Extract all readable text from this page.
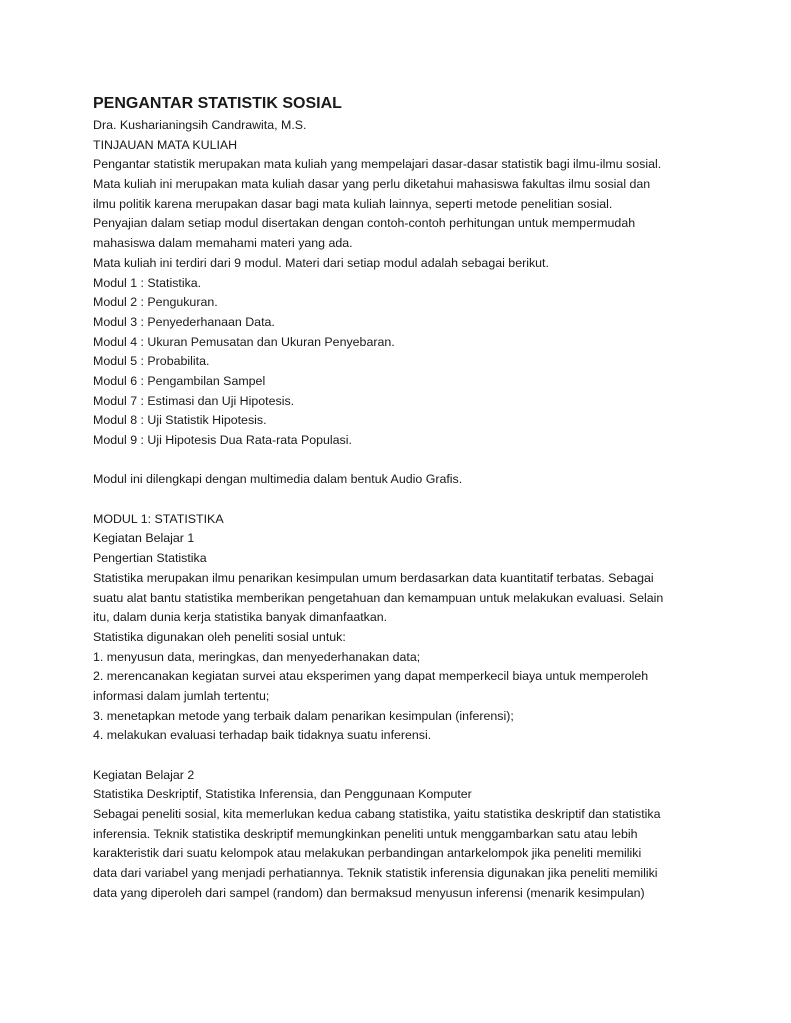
PENGANTAR STATISTIK SOSIAL
Dra. Kusharianingsih Candrawita, M.S.
TINJAUAN MATA KULIAH
Pengantar statistik merupakan mata kuliah yang mempelajari dasar-dasar statistik bagi ilmu-ilmu sosial.
Mata kuliah ini merupakan mata kuliah dasar yang perlu diketahui mahasiswa fakultas ilmu sosial dan
ilmu politik karena merupakan dasar bagi mata kuliah lainnya, seperti metode penelitian sosial.
Penyajian dalam setiap modul disertakan dengan contoh-contoh perhitungan untuk mempermudah
mahasiswa dalam memahami materi yang ada.
Mata kuliah ini terdiri dari 9 modul. Materi dari setiap modul adalah sebagai berikut.
Modul 1 : Statistika.
Modul 2 : Pengukuran.
Modul 3 : Penyederhanaan Data.
Modul 4 : Ukuran Pemusatan dan Ukuran Penyebaran.
Modul 5 : Probabilita.
Modul 6 : Pengambilan Sampel
Modul 7 : Estimasi dan Uji Hipotesis.
Modul 8 : Uji Statistik Hipotesis.
Modul 9 : Uji Hipotesis Dua Rata-rata Populasi.
Modul ini dilengkapi dengan multimedia dalam bentuk Audio Grafis.
MODUL 1: STATISTIKA
Kegiatan Belajar 1
Pengertian Statistika
Statistika merupakan ilmu penarikan kesimpulan umum berdasarkan data kuantitatif terbatas. Sebagai
suatu alat bantu statistika memberikan pengetahuan dan kemampuan untuk melakukan evaluasi. Selain
itu, dalam dunia kerja statistika banyak dimanfaatkan.
Statistika digunakan oleh peneliti sosial untuk:
1. menyusun data, meringkas, dan menyederhanakan data;
2. merencanakan kegiatan survei atau eksperimen yang dapat memperkecil biaya untuk memperoleh
informasi dalam jumlah tertentu;
3. menetapkan metode yang terbaik dalam penarikan kesimpulan (inferensi);
4. melakukan evaluasi terhadap baik tidaknya suatu inferensi.
Kegiatan Belajar 2
Statistika Deskriptif, Statistika Inferensia, dan Penggunaan Komputer
Sebagai peneliti sosial, kita memerlukan kedua cabang statistika, yaitu statistika deskriptif dan statistika
inferensia. Teknik statistika deskriptif memungkinkan peneliti untuk menggambarkan satu atau lebih
karakteristik dari suatu kelompok atau melakukan perbandingan antarkelompok jika peneliti memiliki
data dari variabel yang menjadi perhatiannya. Teknik statistik inferensia digunakan jika peneliti memiliki
data yang diperoleh dari sampel (random) dan bermaksud menyusun inferensi (menarik kesimpulan)
